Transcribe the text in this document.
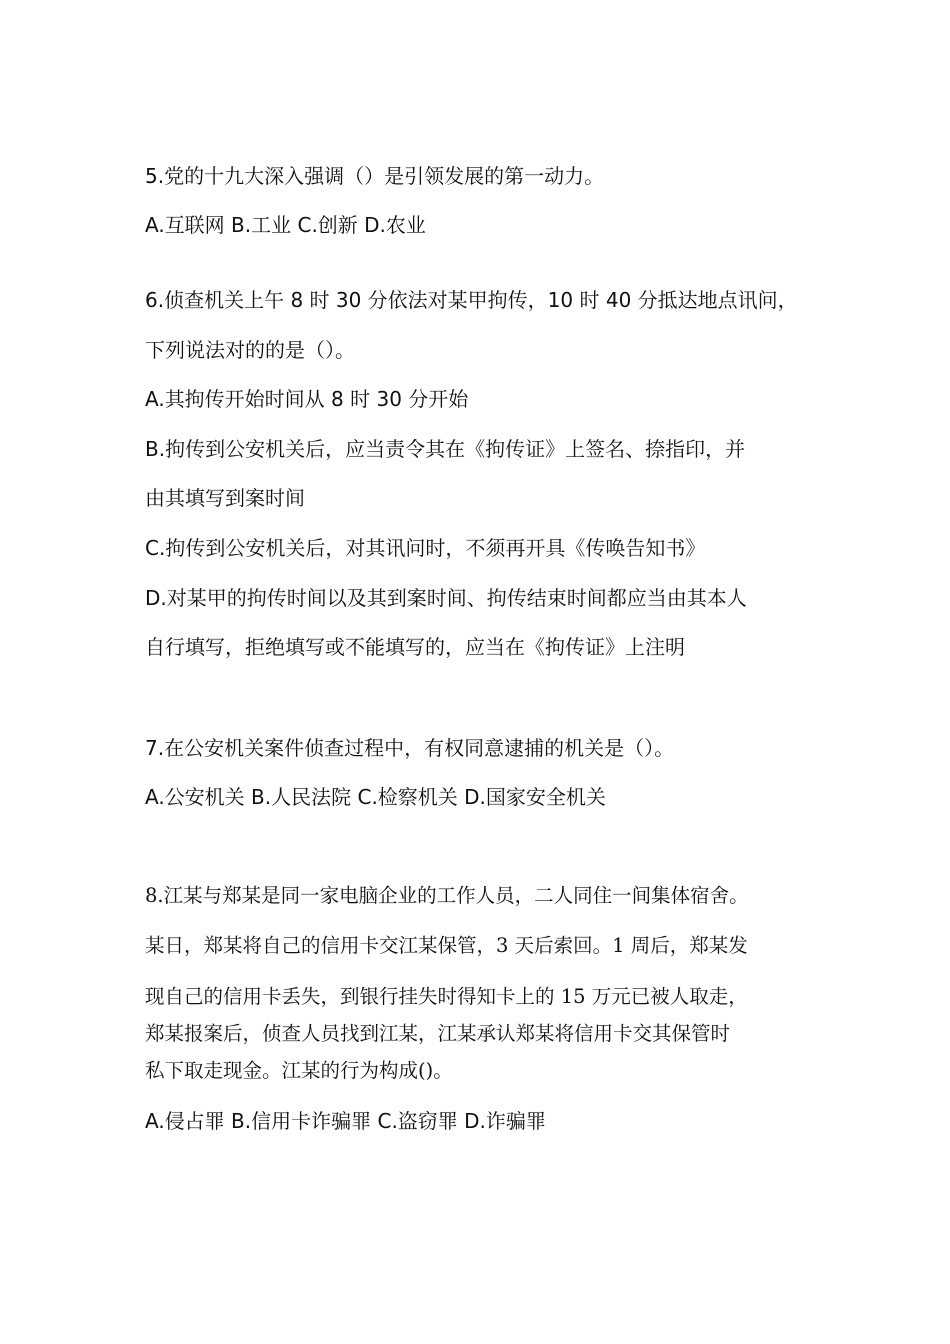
5.党的十九大深入强调（）是引领发展的第一动力。
A.互联网 B.工业 C.创新 D.农业
6.侦查机关上午 8 时 30 分依法对某甲拘传，10 时 40 分抵达地点讯问，
下列说法对的的是（）。
A.其拘传开始时间从 8 时 30 分开始
B.拘传到公安机关后，应当责令其在《拘传证》上签名、捺指印，并
由其填写到案时间
C.拘传到公安机关后，对其讯问时，不须再开具《传唤告知书》
D.对某甲的拘传时间以及其到案时间、拘传结束时间都应当由其本人
自行填写，拒绝填写或不能填写的，应当在《拘传证》上注明
7.在公安机关案件侦查过程中，有权同意逮捕的机关是（）。
A.公安机关 B.人民法院 C.检察机关 D.国家安全机关
8.江某与郑某是同一家电脑企业的工作人员，二人同住一间集体宿舍。
某日，郑某将自己的信用卡交江某保管，3 天后索回。1 周后，郑某发
现自己的信用卡丢失，到银行挂失时得知卡上的 15 万元已被人取走，
郑某报案后，侦查人员找到江某，江某承认郑某将信用卡交其保管时
私下取走现金。江某的行为构成()。
A.侵占罪 B.信用卡诈骗罪 C.盗窃罪 D.诈骗罪
